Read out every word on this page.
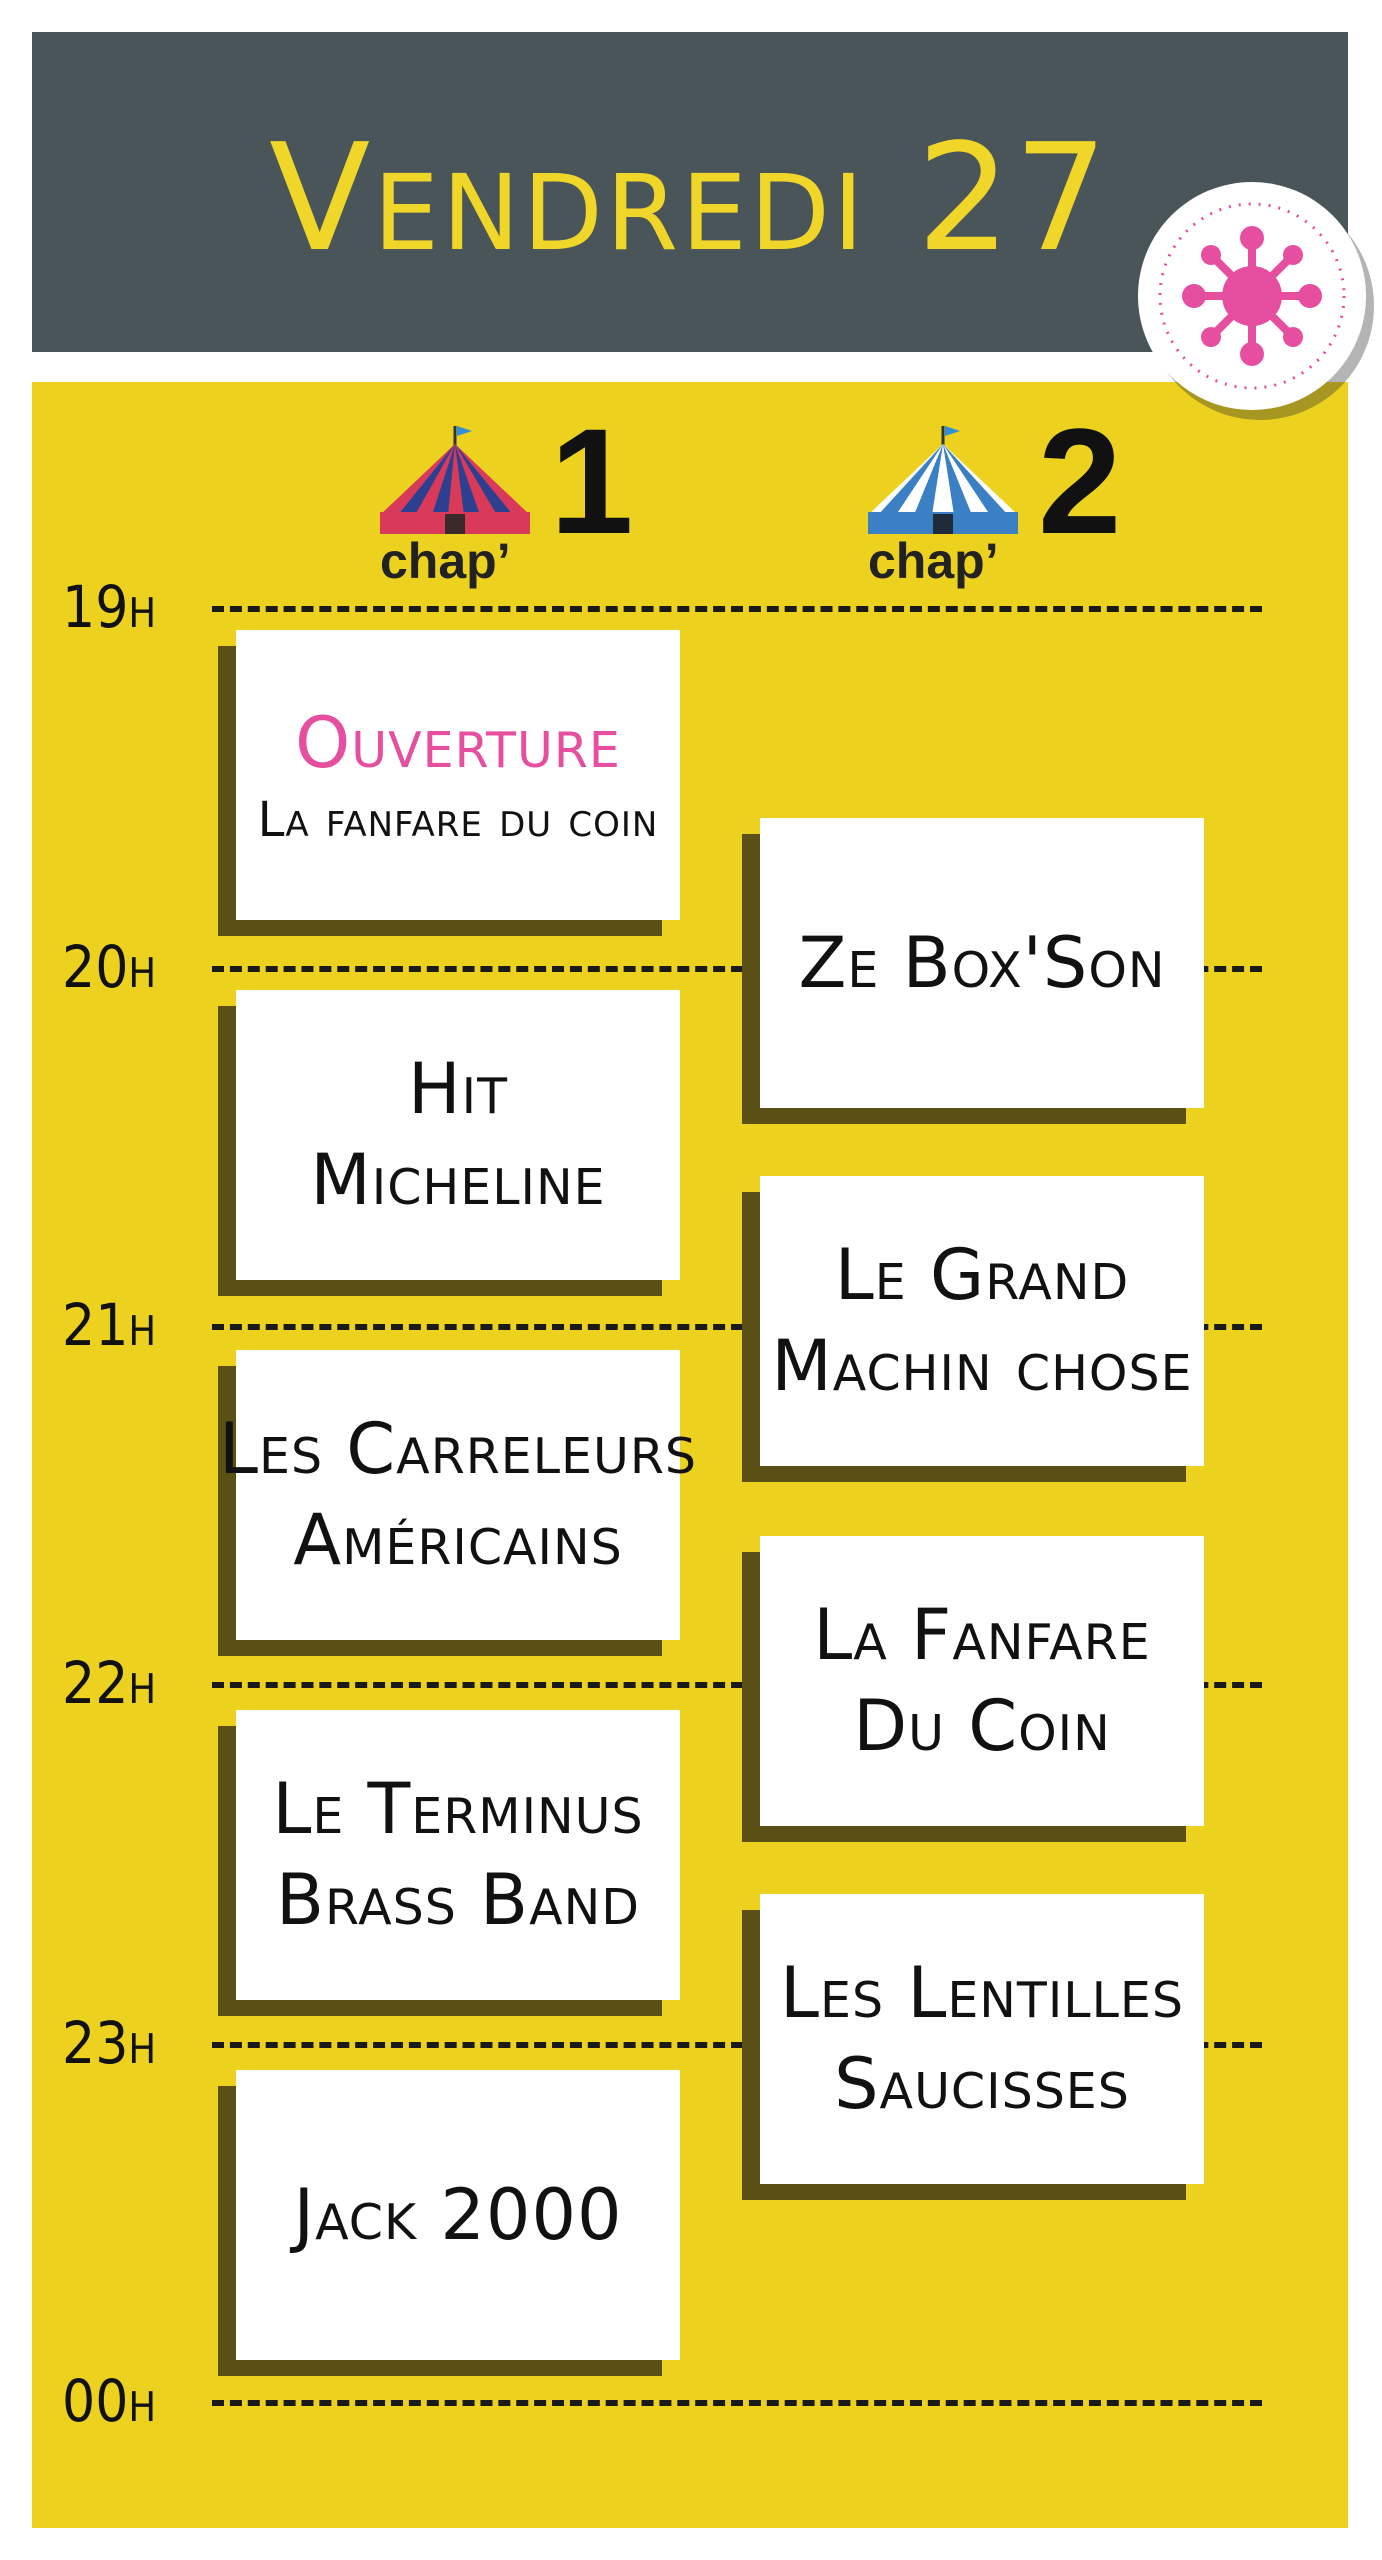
Vendredi 27
chap’ 1	chap’ 2
19h
20h
21h
22h
23h
00h
Ouverture
La fanfare du coin
Hit
Micheline
Les Carreleurs
Américains
Le Terminus
Brass Band
Jack 2000
Ze Box'Son
Le Grand
Machin chose
La Fanfare
Du Coin
Les Lentilles
Saucisses
